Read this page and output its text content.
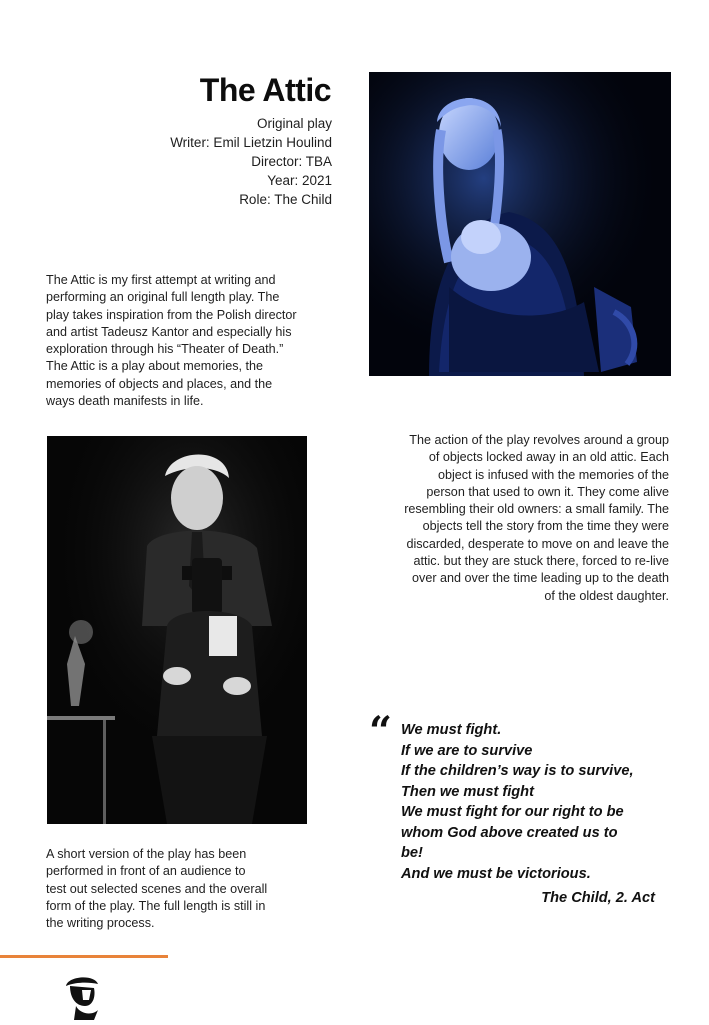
The Attic
Original play
Writer: Emil Lietzin Houlind
Director: TBA
Year: 2021
Role: The Child
The Attic is my first attempt at writing and
performing an original full length play. The
play takes inspiration from the Polish director
and artist Tadeusz Kantor and especially his
exploration through his “Theater of Death.”
The Attic is a play about memories, the
memories of objects and places, and the
ways death manifests in life.
The action of the play revolves around a group
of objects locked away in an old attic. Each
object is infused with the memories of the
person that used to own it. They come alive
resembling their old owners: a small family. The
objects tell the story from the time they were
discarded, desperate to move on and leave the
attic. but they are stuck there, forced to re-live
over and over the time leading up to the death
of the oldest daughter.
A short version of the play has been
performed in front of an audience to
test out selected scenes and the overall
form of the play. The full length is still in
the writing process.
“ We must fight.
If we are to survive
If the children’s way is to survive,
Then we must fight
We must fight for our right to be
whom God above created us to
be!
And we must be victorious.
The Child, 2. Act
